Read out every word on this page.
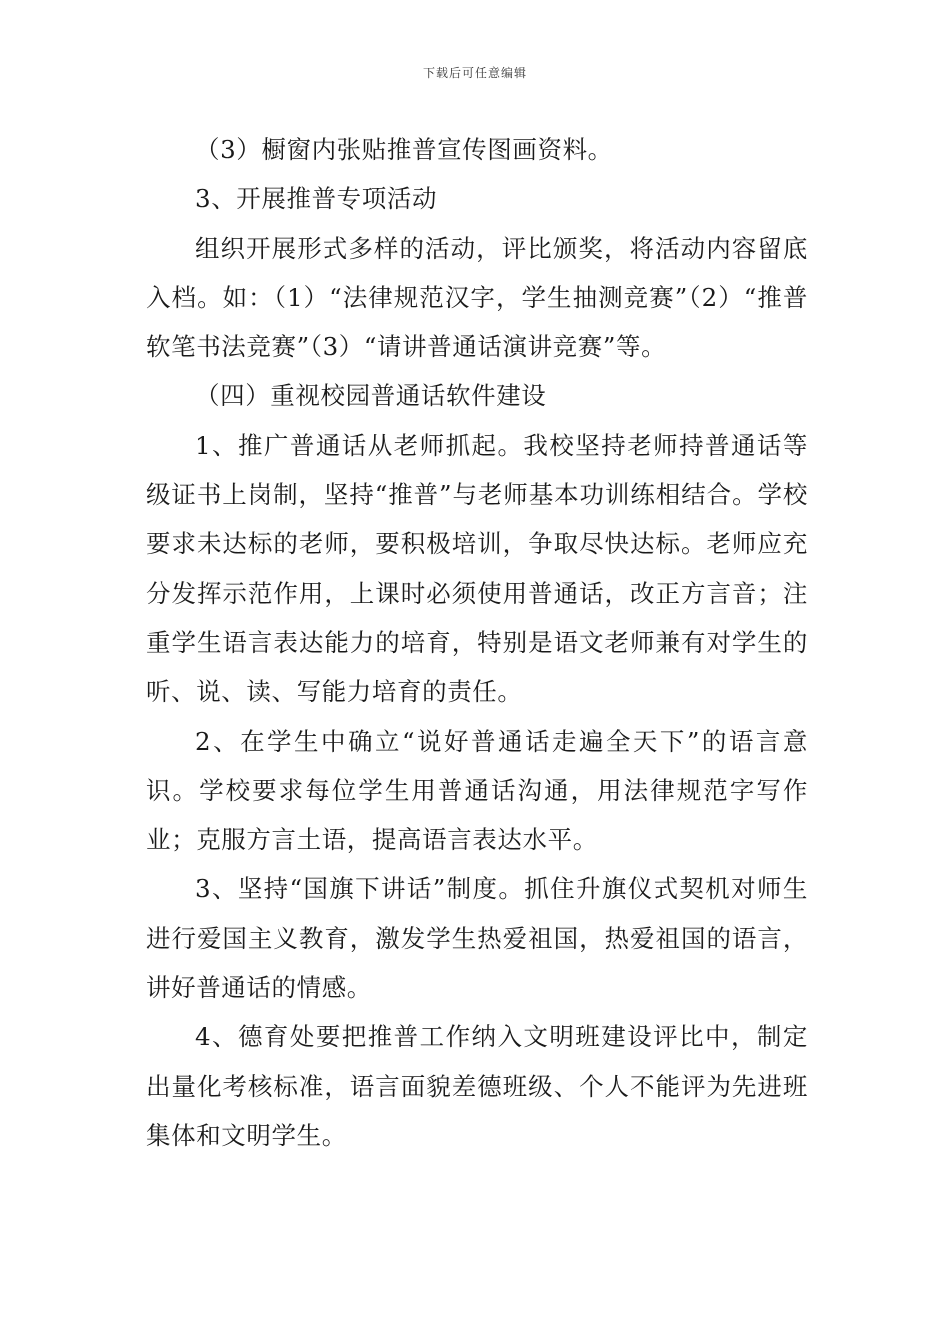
下载后可任意编辑

（3）橱窗内张贴推普宣传图画资料。

3、开展推普专项活动

组织开展形式多样的活动，评比颁奖，将活动内容留底入档。如：（1）“法律规范汉字，学生抽测竞赛”（2）“推普软笔书法竞赛”（3）“请讲普通话演讲竞赛”等。

（四）重视校园普通话软件建设

1、推广普通话从老师抓起。我校坚持老师持普通话等级证书上岗制，坚持“推普”与老师基本功训练相结合。学校要求未达标的老师，要积极培训，争取尽快达标。老师应充分发挥示范作用，上课时必须使用普通话，改正方言音；注重学生语言表达能力的培育，特别是语文老师兼有对学生的听、说、读、写能力培育的责任。

2、在学生中确立“说好普通话走遍全天下”的语言意识。学校要求每位学生用普通话沟通，用法律规范字写作业；克服方言土语，提高语言表达水平。

3、坚持“国旗下讲话”制度。抓住升旗仪式契机对师生进行爱国主义教育，激发学生热爱祖国，热爱祖国的语言，讲好普通话的情感。

4、德育处要把推普工作纳入文明班建设评比中，制定出量化考核标准，语言面貌差德班级、个人不能评为先进班集体和文明学生。
